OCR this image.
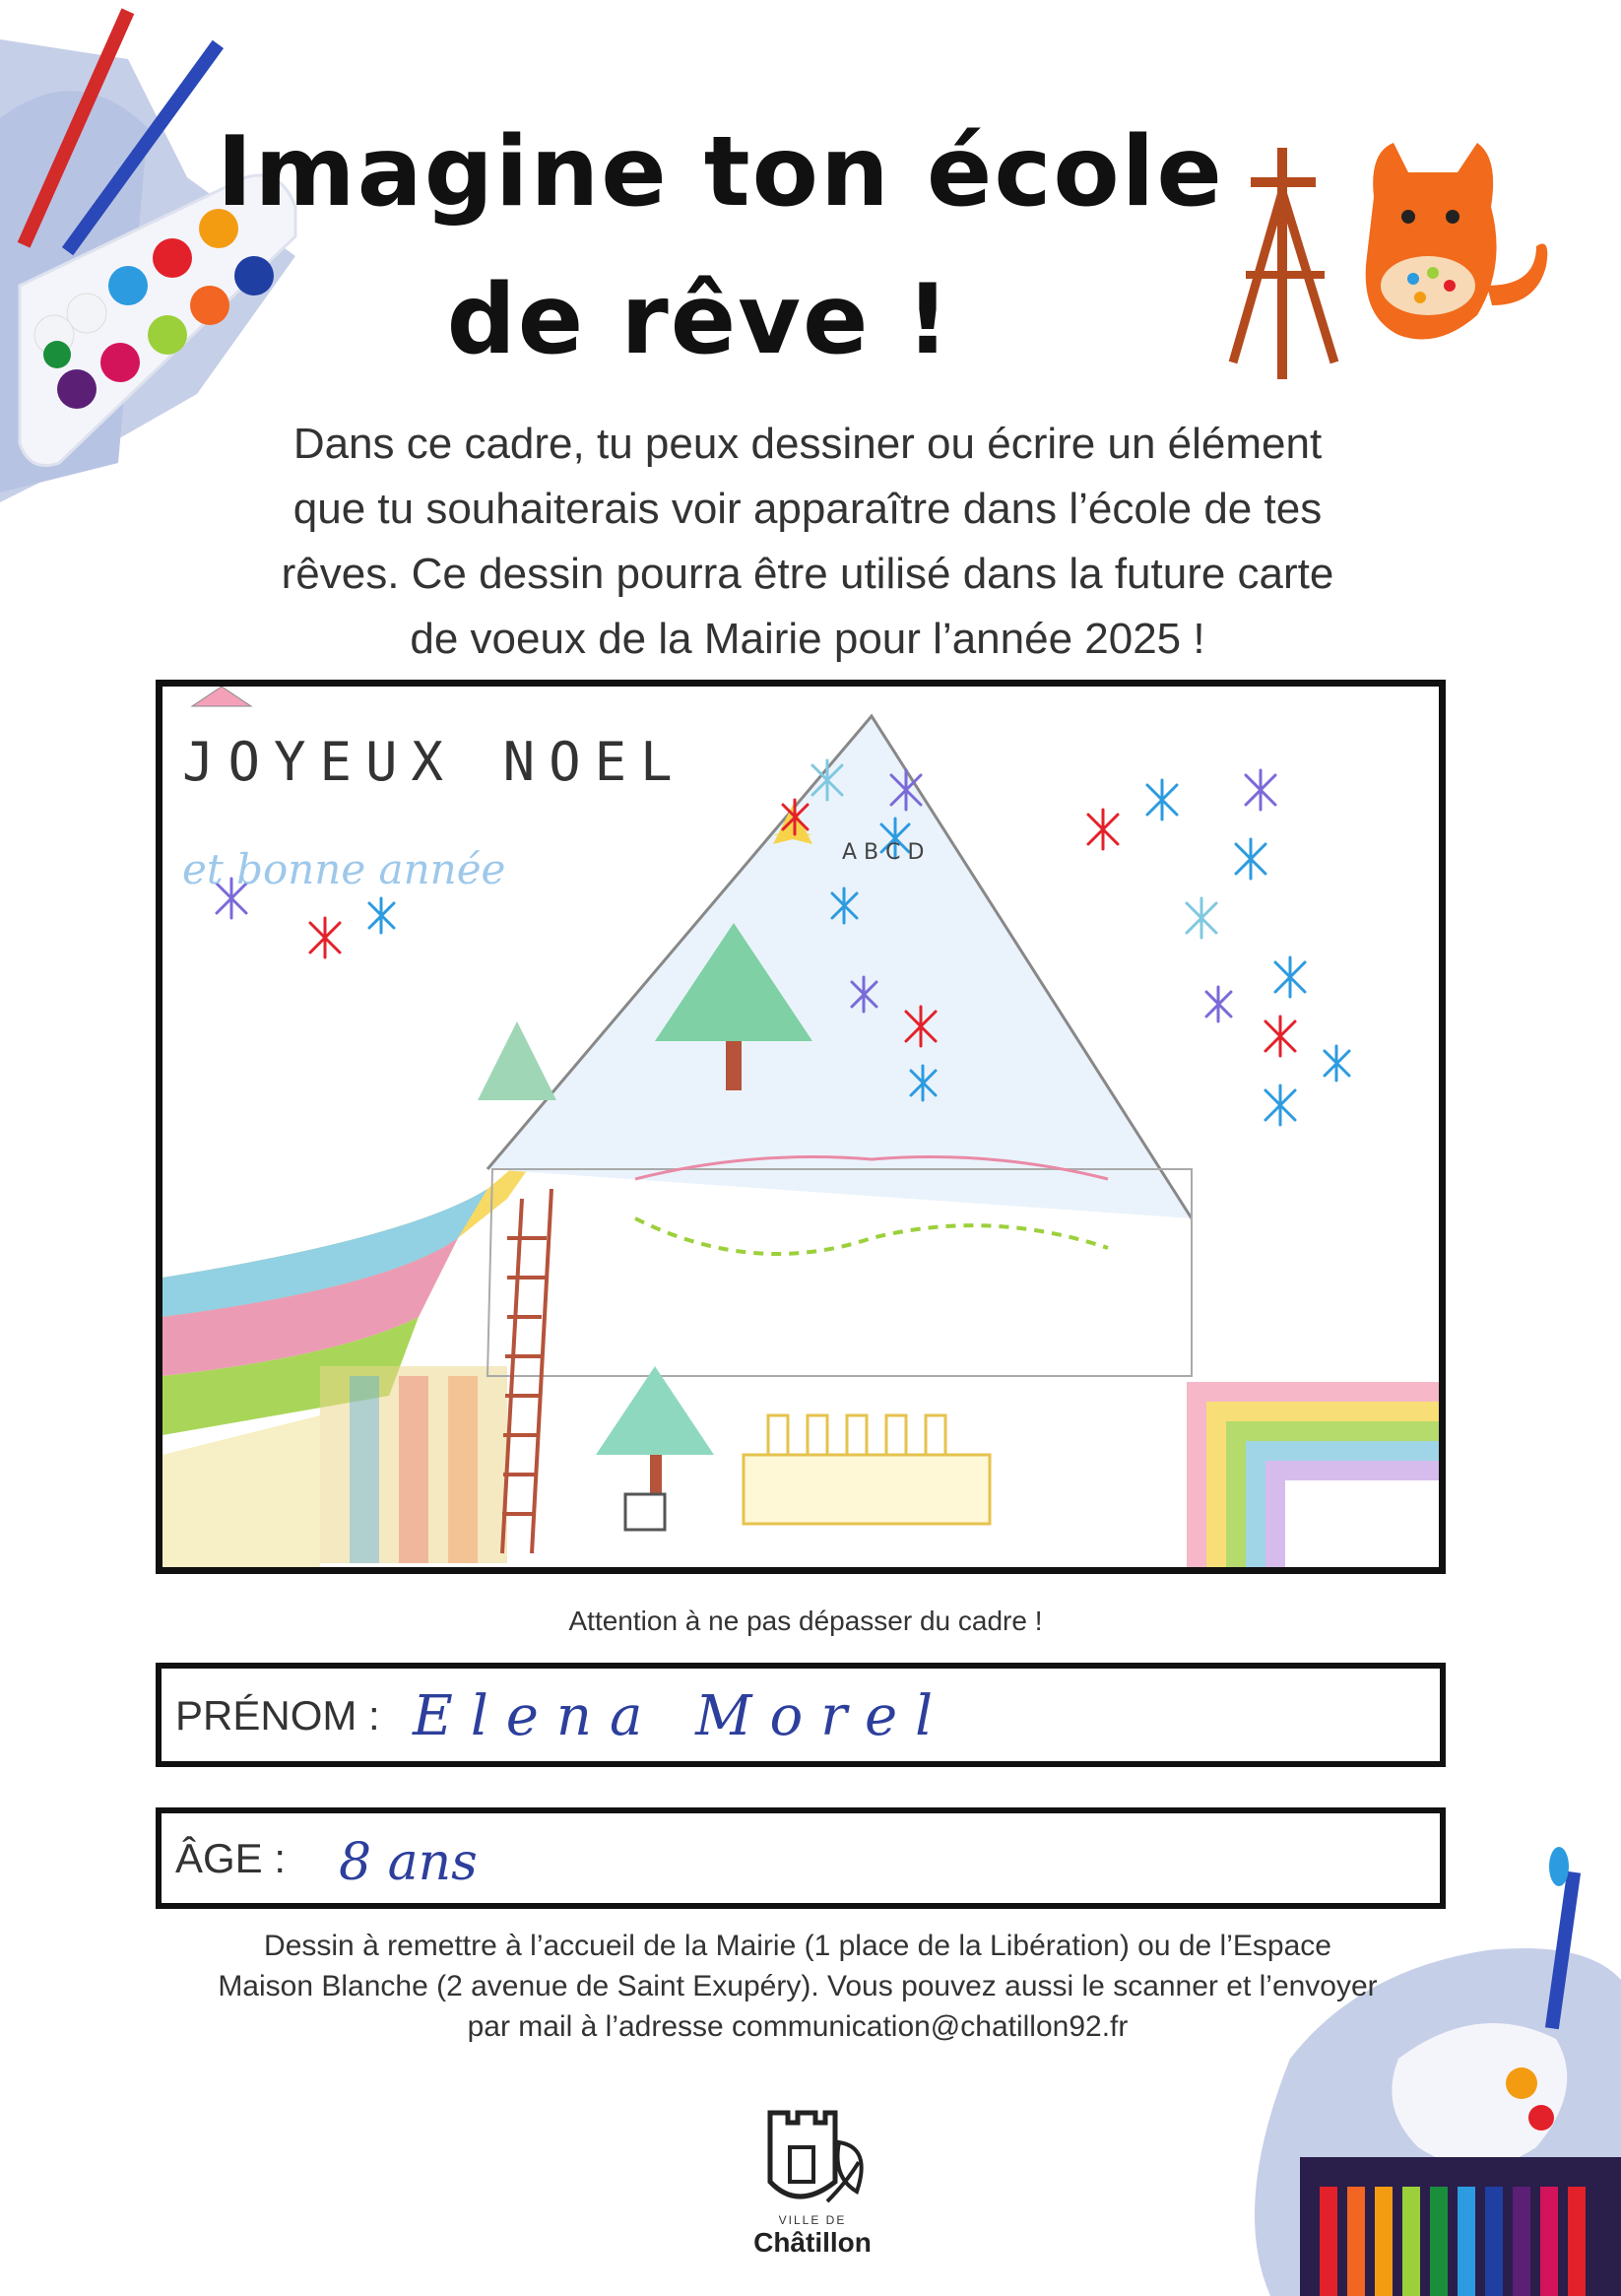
Imagine ton école
de rêve !
Dans ce cadre, tu peux dessiner ou écrire un élément
que tu souhaiterais voir apparaître dans l’école de tes
rêves. Ce dessin pourra être utilisé dans la future carte
de voeux de la Mairie pour l’année 2025 !
JOYEUX NOEL
et bonne année	A B C D
Attention à ne pas dépasser du cadre !
PRÉNOM : Elena Morel
ÂGE : 8 ans
Dessin à remettre à l’accueil de la Mairie (1 place de la Libération) ou de l’Espace
Maison Blanche (2 avenue de Saint Exupéry). Vous pouvez aussi le scanner et l’envoyer
par mail à l’adresse communication@chatillon92.fr
VILLE DE
Châtillon
